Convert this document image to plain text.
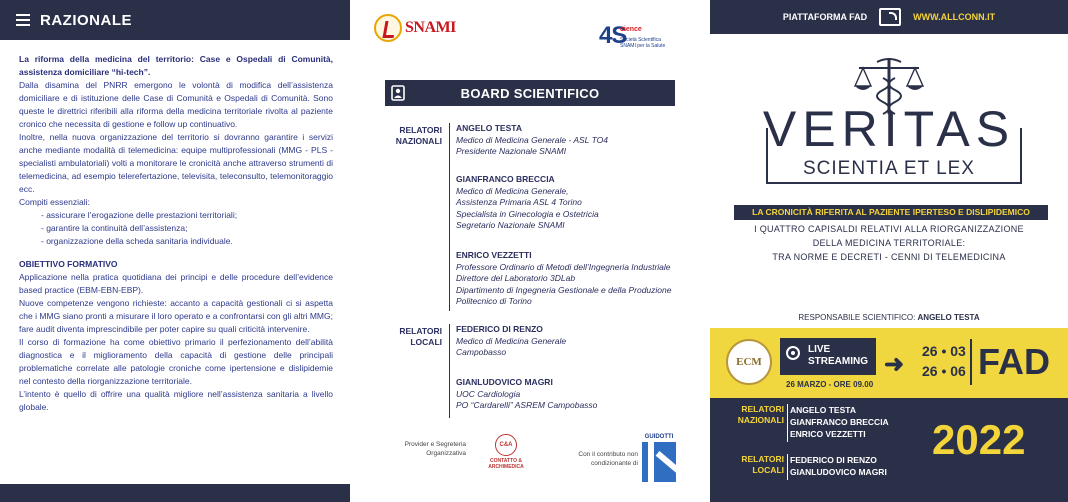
RAZIONALE

La riforma della medicina del territorio: Case e Ospedali di Comunità, assistenza domiciliare “hi-tech”.

Dalla disamina del PNRR emergono le volontà di modifica dell’assistenza domiciliare e di istituzione delle Case di Comunità e Ospedali di Comunità. Sono queste le direttrici riferibili alla riforma della medicina territoriale rivolta al paziente cronico che necessita di gestione e follow up continuativo.

Inoltre, nella nuova organizzazione del territorio si dovranno garantire i servizi anche mediante modalità di telemedicina: equipe multiprofessionali (MMG - PLS - specialisti ambulatoriali) volti a monitorare le cronicità anche attraverso strumenti di telemedicina, ad esempio telerefertazione, televisita, teleconsulto, telemonitoraggio ecc.

Compiti essenziali:

- assicurare l’erogazione delle prestazioni territoriali;
- garantire la continuità dell’assistenza;
- organizzazione della scheda sanitaria individuale.

OBIETTIVO FORMATIVO

Applicazione nella pratica quotidiana dei principi e delle procedure dell’evidence based practice (EBM-EBN-EBP).

Nuove competenze vengono richieste: accanto a capacità gestionali ci si aspetta che i MMG siano pronti a misurare il loro operato e a confrontarsi con gli altri MMG; fare audit diventa imprescindibile per poter capire su quali criticità intervenire.

Il corso di formazione ha come obiettivo primario il perfezionamento dell’abilità diagnostica e il miglioramento della capacità di gestione delle principali problematiche correlate alle patologie croniche come ipertensione e dislipidemie nel contesto della riorganizzazione territoriale.

L’intento è quello di offrire una qualità migliore nell’assistenza sanitaria a livello globale.

SNAMI	4S
cience
Società Scientifica
SNAMI per la Salute
BOARD SCIENTIFICO
RELATORI NAZIONALI
ANGELO TESTA
Medico di Medicina Generale - ASL TO4
Presidente Nazionale SNAMI
GIANFRANCO BRECCIA
Medico di Medicina Generale,
Assistenza Primaria ASL 4 Torino
Specialista in Ginecologia e Ostetricia
Segretario Nazionale SNAMI
ENRICO VEZZETTI
Professore Ordinario di Metodi dell’Ingegneria Industriale
Direttore del Laboratorio 3DLab
Dipartimento di Ingegneria Gestionale e della Produzione
Politecnico di Torino
RELATORI LOCALI
FEDERICO DI RENZO
Medico di Medicina Generale
Campobasso
GIANLUDOVICO MAGRI
UOC Cardiologia
PO “Cardarelli” ASREM Campobasso
Provider e Segreteria Organizzativa
C&A
CONTATTO & ARCHIMEDICA
Con il contributo non condizionante di
GUIDOTTI
PIATTAFORMA FAD	WWW.ALLCONN.IT
VERITAS
SCIENTIA ET LEX
LA CRONICITÀ RIFERITA AL PAZIENTE IPERTESO E DISLIPIDEMICO
I QUATTRO CAPISALDI RELATIVI ALLA RIORGANIZZAZIONE
DELLA MEDICINA TERRITORIALE:
TRA NORME E DECRETI - CENNI DI TELEMEDICINA
RESPONSABILE SCIENTIFICO: ANGELO TESTA
ECM
LIVE
STREAMING
26 MARZO - ORE 09.00
➜ 26 • 03
26 • 06 FAD
RELATORI NAZIONALI
ANGELO TESTA
GIANFRANCO BRECCIA
ENRICO VEZZETTI
RELATORI LOCALI
FEDERICO DI RENZO
GIANLUDOVICO MAGRI
2022
